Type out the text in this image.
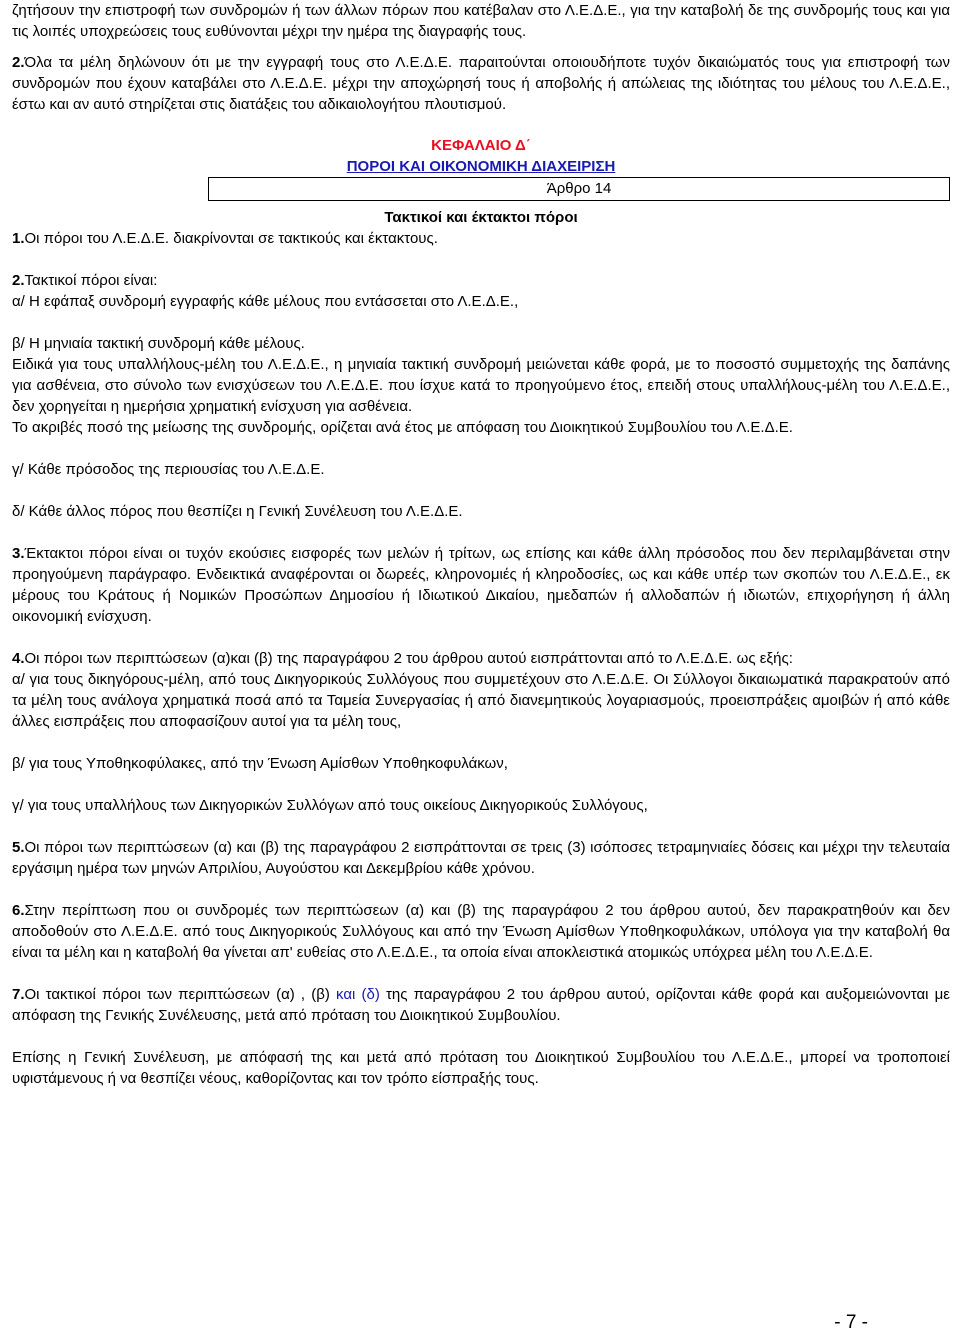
ζητήσουν την επιστροφή των συνδρομών ή των άλλων πόρων που κατέβαλαν στο Λ.Ε.Δ.Ε., για την καταβολή δε της συνδρομής τους και για τις λοιπές υποχρεώσεις τους ευθύνονται μέχρι την ημέρα της διαγραφής τους.

2.Όλα τα μέλη δηλώνουν ότι με την εγγραφή τους στο Λ.Ε.Δ.Ε. παραιτούνται οποιουδήποτε τυχόν δικαιώματός τους για επιστροφή των συνδρομών που έχουν καταβάλει στο Λ.Ε.Δ.Ε. μέχρι την αποχώρησή τους ή αποβολής ή απώλειας της ιδιότητας του μέλους του Λ.Ε.Δ.Ε., έστω και αν αυτό στηρίζεται στις διατάξεις του αδικαιολογήτου πλουτισμού.

ΚΕΦΑΛΑΙΟ Δ΄
ΠΟΡΟΙ ΚΑΙ ΟΙΚΟΝΟΜΙΚΗ ΔΙΑΧΕΙΡΙΣΗ
Άρθρο 14
Τακτικοί και έκτακτοι πόροι

1.Οι πόροι του Λ.Ε.Δ.Ε. διακρίνονται σε τακτικούς και έκτακτους.

2.Τακτικοί πόροι είναι:

α/ Η εφάπαξ συνδρομή εγγραφής κάθε μέλους που εντάσσεται στο Λ.Ε.Δ.Ε.,

β/ Η μηνιαία τακτική συνδρομή κάθε μέλους.

Ειδικά για τους υπαλλήλους-μέλη του Λ.Ε.Δ.Ε., η μηνιαία τακτική συνδρομή μειώνεται κάθε φορά, με το ποσοστό συμμετοχής της δαπάνης για ασθένεια, στο σύνολο των ενισχύσεων του Λ.Ε.Δ.Ε. που ίσχυε κατά το προηγούμενο έτος, επειδή στους υπαλλήλους-μέλη του Λ.Ε.Δ.Ε., δεν χορηγείται η ημερήσια χρηματική ενίσχυση για ασθένεια.

Το ακριβές ποσό της μείωσης της συνδρομής, ορίζεται ανά έτος με απόφαση του Διοικητικού Συμβουλίου του Λ.Ε.Δ.Ε.

γ/ Κάθε πρόσοδος της περιουσίας του Λ.Ε.Δ.Ε.

δ/ Κάθε άλλος πόρος που θεσπίζει η Γενική Συνέλευση του Λ.Ε.Δ.Ε.

3.Έκτακτοι πόροι είναι οι τυχόν εκούσιες εισφορές των μελών ή τρίτων, ως επίσης και κάθε άλλη πρόσοδος που δεν περιλαμβάνεται στην προηγούμενη παράγραφο. Ενδεικτικά αναφέρονται οι δωρεές, κληρονομιές ή κληροδοσίες, ως και κάθε υπέρ των σκοπών του Λ.Ε.Δ.Ε., εκ μέρους του Κράτους ή Νομικών Προσώπων Δημοσίου ή Ιδιωτικού Δικαίου, ημεδαπών ή αλλοδαπών ή ιδιωτών, επιχορήγηση ή άλλη οικονομική ενίσχυση.

4.Οι πόροι των περιπτώσεων (α)και (β) της παραγράφου 2 του άρθρου αυτού εισπράττονται από το Λ.Ε.Δ.Ε. ως εξής:

α/ για τους δικηγόρους-μέλη, από τους Δικηγορικούς Συλλόγους που συμμετέχουν στο Λ.Ε.Δ.Ε. Οι Σύλλογοι δικαιωματικά παρακρατούν από τα μέλη τους ανάλογα χρηματικά ποσά από τα Ταμεία Συνεργασίας ή από διανεμητικούς λογαριασμούς, προεισπράξεις αμοιβών ή από κάθε άλλες εισπράξεις που αποφασίζουν αυτοί για τα μέλη τους,

β/ για τους Υποθηκοφύλακες, από την Ένωση Αμίσθων Υποθηκοφυλάκων,

γ/ για τους υπαλλήλους των Δικηγορικών Συλλόγων από τους οικείους Δικηγορικούς Συλλόγους,

5.Οι πόροι των περιπτώσεων (α) και (β) της παραγράφου 2 εισπράττονται σε τρεις (3) ισόποσες τετραμηνιαίες δόσεις και μέχρι την τελευταία εργάσιμη ημέρα των μηνών Απριλίου, Αυγούστου και Δεκεμβρίου κάθε χρόνου.

6.Στην περίπτωση που οι συνδρομές των περιπτώσεων (α) και (β) της παραγράφου 2 του άρθρου αυτού, δεν παρακρατηθούν και δεν αποδοθούν στο Λ.Ε.Δ.Ε. από τους Δικηγορικούς Συλλόγους και από την Ένωση Αμίσθων Υποθηκοφυλάκων, υπόλογα για την καταβολή θα είναι τα μέλη και η καταβολή θα γίνεται απ' ευθείας στο Λ.Ε.Δ.Ε., τα οποία είναι αποκλειστικά ατομικώς υπόχρεα μέλη του Λ.Ε.Δ.Ε.

7.Οι τακτικοί πόροι των περιπτώσεων (α) , (β) και (δ) της παραγράφου 2 του άρθρου αυτού, ορίζονται κάθε φορά και αυξομειώνονται με απόφαση της Γενικής Συνέλευσης, μετά από πρόταση του Διοικητικού Συμβουλίου.

Επίσης η Γενική Συνέλευση, με απόφασή της και μετά από πρόταση του Διοικητικού Συμβουλίου του Λ.Ε.Δ.Ε., μπορεί να τροποποιεί υφιστάμενους ή να θεσπίζει νέους, καθορίζοντας και τον τρόπο είσπραξής τους.

- 7 -
